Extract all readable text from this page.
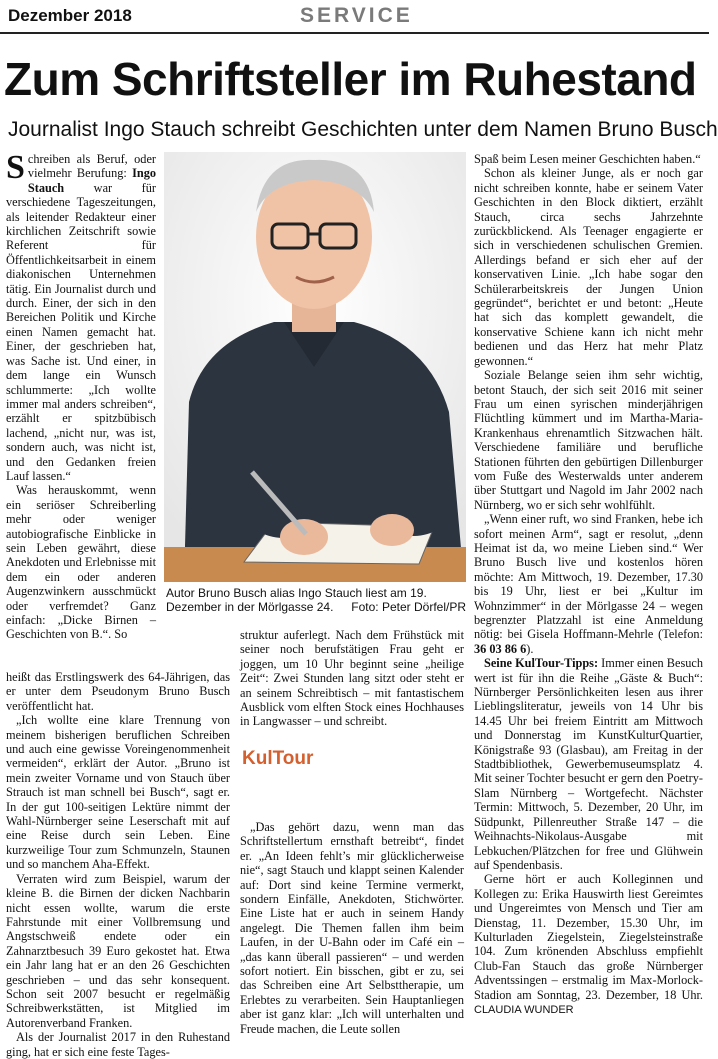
Dezember 2018	SERVICE
Zum Schriftsteller im Ruhestand
Journalist Ingo Stauch schreibt Geschichten unter dem Namen Bruno Busch

Schreiben als Beruf, oder vielmehr Berufung: Ingo Stauch war für verschiedene Tageszeitungen, als leitender Redakteur einer kirchlichen Zeitschrift sowie Referent für Öffentlichkeitsarbeit in einem diakonischen Unternehmen tätig. Ein Journalist durch und durch. Einer, der sich in den Bereichen Politik und Kirche einen Namen gemacht hat. Einer, der geschrieben hat, was Sache ist. Und einer, in dem lange ein Wunsch schlummerte: „Ich wollte immer mal anders schreiben“, erzählt er spitzbübisch lachend, „nicht nur, was ist, sondern auch, was nicht ist, und den Gedanken freien Lauf lassen.“

Was herauskommt, wenn ein seriöser Schreiberling mehr oder weniger autobiografische Einblicke in sein Leben gewährt, diese Anekdoten und Erlebnisse mit dem ein oder anderen Augenzwinkern ausschmückt oder verfremdet? Ganz einfach: „Dicke Birnen – Geschichten von B.“. So

Autor Bruno Busch alias Ingo Stauch liest am 19. Dezember in der Mörlgasse 24. Foto: Peter Dörfel/PR

heißt das Erstlingswerk des 64-Jährigen, das er unter dem Pseudonym Bruno Busch veröffentlicht hat.

„Ich wollte eine klare Trennung von meinem bisherigen beruflichen Schreiben und auch eine gewisse Voreingenommenheit vermeiden“, erklärt der Autor. „Bruno ist mein zweiter Vorname und von Stauch über Strauch ist man schnell bei Busch“, sagt er. In der gut 100-seitigen Lektüre nimmt der Wahl-Nürnberger seine Leserschaft mit auf eine Reise durch sein Leben. Eine kurzweilige Tour zum Schmunzeln, Staunen und so manchem Aha-Effekt.

Verraten wird zum Beispiel, warum der kleine B. die Birnen der dicken Nachbarin nicht essen wollte, warum die erste Fahrstunde mit einer Vollbremsung und Angstschweiß endete oder ein Zahnarztbesuch 39 Euro gekostet hat. Etwa ein Jahr lang hat er an den 26 Geschichten geschrieben – und das sehr konsequent. Schon seit 2007 besucht er regelmäßig Schreibwerkstätten, ist Mitglied im Autorenverband Franken.

Als der Journalist 2017 in den Ruhestand ging, hat er sich eine feste Tages-

struktur auferlegt. Nach dem Frühstück mit seiner noch berufstätigen Frau geht er joggen, um 10 Uhr beginnt seine „heilige Zeit“: Zwei Stunden lang sitzt oder steht er an seinem Schreibtisch – mit fantastischem Ausblick vom elften Stock eines Hochhauses in Langwasser – und schreibt.

KulTour

„Das gehört dazu, wenn man das Schriftstellertum ernsthaft betreibt“, findet er. „An Ideen fehlt’s mir glücklicherweise nie“, sagt Stauch und klappt seinen Kalender auf: Dort sind keine Termine vermerkt, sondern Einfälle, Anekdoten, Stichwörter. Eine Liste hat er auch in seinem Handy angelegt. Die Themen fallen ihm beim Laufen, in der U-Bahn oder im Café ein – „das kann überall passieren“ – und werden sofort notiert. Ein bisschen, gibt er zu, sei das Schreiben eine Art Selbsttherapie, um Erlebtes zu verarbeiten. Sein Hauptanliegen aber ist ganz klar: „Ich will unterhalten und Freude machen, die Leute sollen

Spaß beim Lesen meiner Geschichten haben.“

Schon als kleiner Junge, als er noch gar nicht schreiben konnte, habe er seinem Vater Geschichten in den Block diktiert, erzählt Stauch, circa sechs Jahrzehnte zurückblickend. Als Teenager engagierte er sich in verschiedenen schulischen Gremien. Allerdings befand er sich eher auf der konservativen Linie. „Ich habe sogar den Schülerarbeitskreis der Jungen Union gegründet“, berichtet er und betont: „Heute hat sich das komplett gewandelt, die konservative Schiene kann ich nicht mehr bedienen und das Herz hat mehr Platz gewonnen.“

Soziale Belange seien ihm sehr wichtig, betont Stauch, der sich seit 2016 mit seiner Frau um einen syrischen minderjährigen Flüchtling kümmert und im Martha-Maria-Krankenhaus ehrenamtlich Sitzwachen hält. Verschiedene familiäre und berufliche Stationen führten den gebürtigen Dillenburger vom Fuße des Westerwalds unter anderem über Stuttgart und Nagold im Jahr 2002 nach Nürnberg, wo er sich sehr wohlfühlt.

„Wenn einer ruft, wo sind Franken, hebe ich sofort meinen Arm“, sagt er resolut, „denn Heimat ist da, wo meine Lieben sind.“ Wer Bruno Busch live und kostenlos hören möchte: Am Mittwoch, 19. Dezember, 17.30 bis 19 Uhr, liest er bei „Kultur im Wohnzimmer“ in der Mörlgasse 24 – wegen begrenzter Platzzahl ist eine Anmeldung nötig: bei Gisela Hoffmann-Mehrle (Telefon: 36 03 86 6).

Seine KulTour-Tipps: Immer einen Besuch wert ist für ihn die Reihe „Gäste & Buch“: Nürnberger Persönlichkeiten lesen aus ihrer Lieblingsliteratur, jeweils von 14 Uhr bis 14.45 Uhr bei freiem Eintritt am Mittwoch und Donnerstag im KunstKulturQuartier, Königstraße 93 (Glasbau), am Freitag in der Stadtbibliothek, Gewerbemuseumsplatz 4. Mit seiner Tochter besucht er gern den Poetry-Slam Nürnberg – Wortgefecht. Nächster Termin: Mittwoch, 5. Dezember, 20 Uhr, im Südpunkt, Pillenreuther Straße 147 – die Weihnachts-Nikolaus-Ausgabe mit Lebkuchen/Plätzchen for free und Glühwein auf Spendenbasis.

Gerne hört er auch Kolleginnen und Kollegen zu: Erika Hauswirth liest Gereimtes und Ungereimtes von Mensch und Tier am Dienstag, 11. Dezember, 15.30 Uhr, im Kulturladen Ziegelstein, Ziegelsteinstraße 104. Zum krönenden Abschluss empfiehlt Club-Fan Stauch das große Nürnberger Adventssingen – erstmalig im Max-Morlock-Stadion am Sonntag, 23. Dezember, 18 Uhr. CLAUDIA WUNDER
